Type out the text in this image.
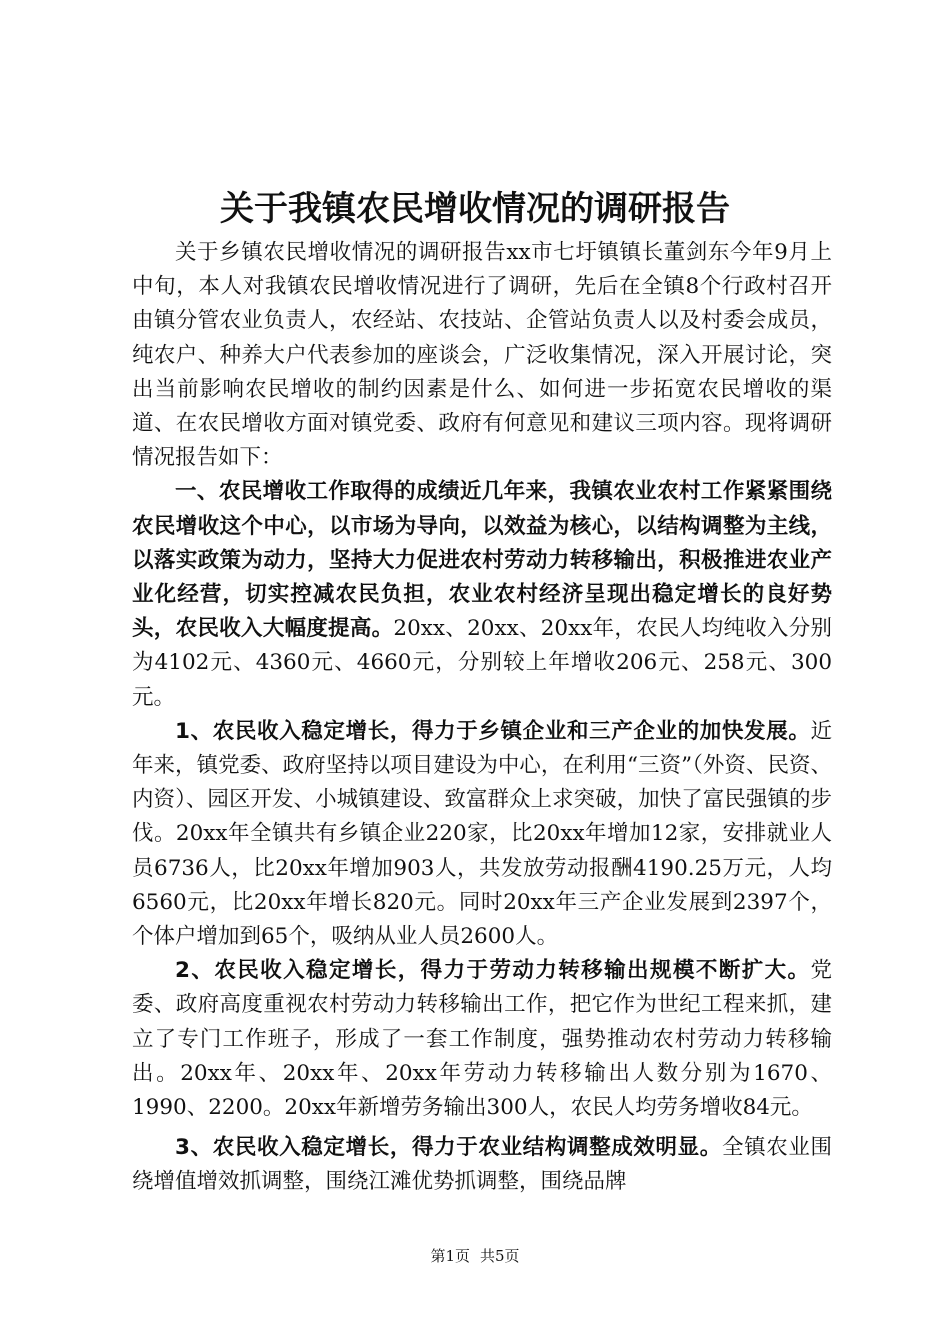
关于我镇农民增收情况的调研报告

关于乡镇农民增收情况的调研报告xx市七圩镇镇长董剑东今年9月上中旬，本人对我镇农民增收情况进行了调研，先后在全镇8个行政村召开由镇分管农业负责人，农经站、农技站、企管站负责人以及村委会成员，纯农户、种养大户代表参加的座谈会，广泛收集情况，深入开展讨论，突出当前影响农民增收的制约因素是什么、如何进一步拓宽农民增收的渠道、在农民增收方面对镇党委、政府有何意见和建议三项内容。现将调研情况报告如下：

一、农民增收工作取得的成绩近几年来，我镇农业农村工作紧紧围绕农民增收这个中心，以市场为导向，以效益为核心，以结构调整为主线，以落实政策为动力，坚持大力促进农村劳动力转移输出，积极推进农业产业化经营，切实控减农民负担，农业农村经济呈现出稳定增长的良好势头，农民收入大幅度提高。20xx、20xx、20xx年，农民人均纯收入分别为4102元、4360元、4660元，分别较上年增收206元、258元、300元。

1、农民收入稳定增长，得力于乡镇企业和三产企业的加快发展。近年来，镇党委、政府坚持以项目建设为中心，在利用“三资”（外资、民资、内资）、园区开发、小城镇建设、致富群众上求突破，加快了富民强镇的步伐。20xx年全镇共有乡镇企业220家，比20xx年增加12家，安排就业人员6736人，比20xx年增加903人，共发放劳动报酬4190.25万元，人均6560元，比20xx年增长820元。同时20xx年三产企业发展到2397个，个体户增加到65个，吸纳从业人员2600人。

2、农民收入稳定增长，得力于劳动力转移输出规模不断扩大。党委、政府高度重视农村劳动力转移输出工作，把它作为世纪工程来抓，建立了专门工作班子，形成了一套工作制度，强势推动农村劳动力转移输出。20xx年、20xx年、20xx年劳动力转移输出人数分别为1670、1990、2200。20xx年新增劳务输出300人，农民人均劳务增收84元。

3、农民收入稳定增长，得力于农业结构调整成效明显。全镇农业围绕增值增效抓调整，围绕江滩优势抓调整，围绕品牌

第1页 共5页
